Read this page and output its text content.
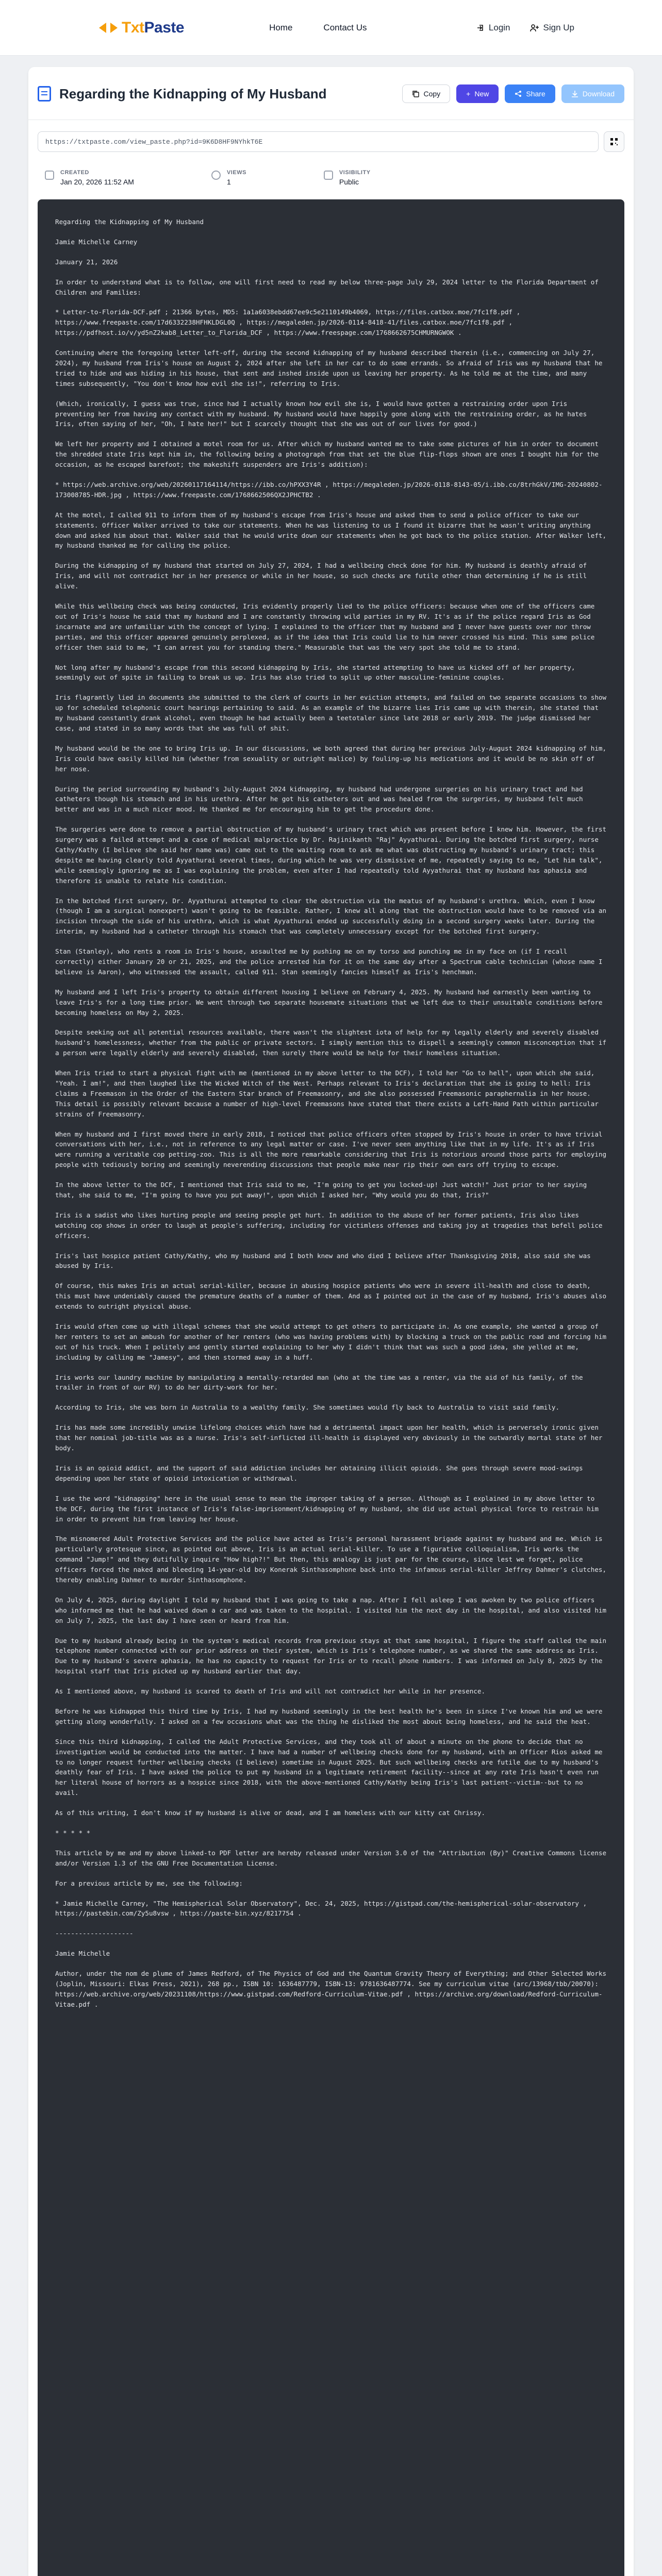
TxtPaste	Home	Contact Us	Login	Sign Up
Regarding the Kidnapping of My Husband	Copy	+ New	Share	Download
https://txtpaste.com/view_paste.php?id=9K6D8HF9NYhkT6E
CREATED
Jan 20, 2026 11:52 AM
VIEWS
1
VISIBILITY
Public

Regarding the Kidnapping of My Husband

Jamie Michelle Carney

January 21, 2026

In order to understand what is to follow, one will first need to read my below three-page July 29, 2024 letter to the Florida Department of Children and Families:

* Letter-to-Florida-DCF.pdf ; 21366 bytes, MD5: 1a1a6038ebdd67ee9c5e2110149b4069, https://files.catbox.moe/7fc1f8.pdf , https://www.freepaste.com/17d6332238HFHKLDGL0Q , https://megaleden.jp/2026-0114-8418-41/files.catbox.moe/7fc1f8.pdf , https://pdfhost.io/v/yd5nZ2kab8_Letter_to_Florida_DCF , https://www.freespage.com/1768662675CHMURNGWOK .

Continuing where the foregoing letter left-off, during the second kidnapping of my husband described therein (i.e., commencing on July 27, 2024), my husband from Iris's house on August 2, 2024 after she left in her car to do some errands. So afraid of Iris was my husband that he tried to hide and was hiding in his house, that sent and inshed inside upon us leaving her property. As he told me at the time, and many times subsequently, "You don't know how evil she is!", referring to Iris.

(Which, ironically, I guess was true, since had I actually known how evil she is, I would have gotten a restraining order upon Iris preventing her from having any contact with my husband. My husband would have happily gone along with the restraining order, as he hates Iris, often saying of her, "Oh, I hate her!" but I scarcely thought that she was out of our lives for good.)

We left her property and I obtained a motel room for us. After which my husband wanted me to take some pictures of him in order to document the shredded state Iris kept him in, the following being a photograph from that set the blue flip-flops shown are ones I bought him for the occasion, as he escaped barefoot; the makeshift suspenders are Iris's addition):

* https://web.archive.org/web/20260117164114/https://ibb.co/hPXX3Y4R , https://megaleden.jp/2026-0118-8143-05/i.ibb.co/8trhGkV/IMG-20240802-173008785-HDR.jpg , https://www.freepaste.com/1768662506QX2JPHCTB2 .

At the motel, I called 911 to inform them of my husband's escape from Iris's house and asked them to send a police officer to take our statements. Officer Walker arrived to take our statements. When he was listening to us I found it bizarre that he wasn't writing anything down and asked him about that. Walker said that he would write down our statements when he got back to the police station. After Walker left, my husband thanked me for calling the police.

During the kidnapping of my husband that started on July 27, 2024, I had a wellbeing check done for him. My husband is deathly afraid of Iris, and will not contradict her in her presence or while in her house, so such checks are futile other than determining if he is still alive.

While this wellbeing check was being conducted, Iris evidently properly lied to the police officers: because when one of the officers came out of Iris's house he said that my husband and I are constantly throwing wild parties in my RV. It's as if the police regard Iris as God incarnate and are unfamiliar with the concept of lying. I explained to the officer that my husband and I never have guests over nor throw parties, and this officer appeared genuinely perplexed, as if the idea that Iris could lie to him never crossed his mind. This same police officer then said to me, "I can arrest you for standing there." Measurable that was the very spot she told me to stand.

Not long after my husband's escape from this second kidnapping by Iris, she started attempting to have us kicked off of her property, seemingly out of spite in failing to break us up. Iris has also tried to split up other masculine-feminine couples.

Iris flagrantly lied in documents she submitted to the clerk of courts in her eviction attempts, and failed on two separate occasions to show up for scheduled telephonic court hearings pertaining to said. As an example of the bizarre lies Iris came up with therein, she stated that my husband constantly drank alcohol, even though he had actually been a teetotaler since late 2018 or early 2019. The judge dismissed her case, and stated in so many words that she was full of shit.

My husband would be the one to bring Iris up. In our discussions, we both agreed that during her previous July-August 2024 kidnapping of him, Iris could have easily killed him (whether from sexuality or outright malice) by fouling-up his medications and it would be no skin off of her nose.

During the period surrounding my husband's July-August 2024 kidnapping, my husband had undergone surgeries on his urinary tract and had catheters though his stomach and in his urethra. After he got his catheters out and was healed from the surgeries, my husband felt much better and was in a much nicer mood. He thanked me for encouraging him to get the procedure done.

The surgeries were done to remove a partial obstruction of my husband's urinary tract which was present before I knew him. However, the first surgery was a failed attempt and a case of medical malpractice by Dr. Rajinikanth "Raj" Ayyathurai. During the botched first surgery, nurse Cathy/Kathy (I believe she said her name was) came out to the waiting room to ask me what was obstructing my husband's urinary tract; this despite me having clearly told Ayyathurai several times, during which he was very dismissive of me, repeatedly saying to me, "Let him talk", while seemingly ignoring me as I was explaining the problem, even after I had repeatedly told Ayyathurai that my husband has aphasia and therefore is unable to relate his condition.

In the botched first surgery, Dr. Ayyathurai attempted to clear the obstruction via the meatus of my husband's urethra. Which, even I know (though I am a surgical nonexpert) wasn't going to be feasible. Rather, I knew all along that the obstruction would have to be removed via an incision through the side of his urethra, which is what Ayyathurai ended up successfully doing in a second surgery weeks later. During the interim, my husband had a catheter through his stomach that was completely unnecessary except for the botched first surgery.

Stan (Stanley), who rents a room in Iris's house, assaulted me by pushing me on my torso and punching me in my face on (if I recall correctly) either January 20 or 21, 2025, and the police arrested him for it on the same day after a Spectrum cable technician (whose name I believe is Aaron), who witnessed the assault, called 911. Stan seemingly fancies himself as Iris's henchman.

My husband and I left Iris's property to obtain different housing I believe on February 4, 2025. My husband had earnestly been wanting to leave Iris's for a long time prior. We went through two separate housemate situations that we left due to their unsuitable conditions before becoming homeless on May 2, 2025.

Despite seeking out all potential resources available, there wasn't the slightest iota of help for my legally elderly and severely disabled husband's homelessness, whether from the public or private sectors. I simply mention this to dispell a seemingly common misconception that if a person were legally elderly and severely disabled, then surely there would be help for their homeless situation.

When Iris tried to start a physical fight with me (mentioned in my above letter to the DCF), I told her "Go to hell", upon which she said, "Yeah. I am!", and then laughed like the Wicked Witch of the West. Perhaps relevant to Iris's declaration that she is going to hell: Iris claims a Freemason in the Order of the Eastern Star branch of Freemasonry, and she also possessed Freemasonic paraphernalia in her house. This detail is possibly relevant because a number of high-level Freemasons have stated that there exists a Left-Hand Path within particular strains of Freemasonry.

When my husband and I first moved there in early 2018, I noticed that police officers often stopped by Iris's house in order to have trivial conversations with her, i.e., not in reference to any legal matter or case. I've never seen anything like that in my life. It's as if Iris were running a veritable cop petting-zoo. This is all the more remarkable considering that Iris is notorious around those parts for employing people with tediously boring and seemingly neverending discussions that people make near rip their own ears off trying to escape.

In the above letter to the DCF, I mentioned that Iris said to me, "I'm going to get you locked-up! Just watch!" Just prior to her saying that, she said to me, "I'm going to have you put away!", upon which I asked her, "Why would you do that, Iris?"

Iris is a sadist who likes hurting people and seeing people get hurt. In addition to the abuse of her former patients, Iris also likes watching cop shows in order to laugh at people's suffering, including for victimless offenses and taking joy at tragedies that befell police officers.

Iris's last hospice patient Cathy/Kathy, who my husband and I both knew and who died I believe after Thanksgiving 2018, also said she was abused by Iris.

Of course, this makes Iris an actual serial-killer, because in abusing hospice patients who were in severe ill-health and close to death, this must have undeniably caused the premature deaths of a number of them. And as I pointed out in the case of my husband, Iris's abuses also extends to outright physical abuse.

Iris would often come up with illegal schemes that she would attempt to get others to participate in. As one example, she wanted a group of her renters to set an ambush for another of her renters (who was having problems with) by blocking a truck on the public road and forcing him out of his truck. When I politely and gently started explaining to her why I didn't think that was such a good idea, she yelled at me, including by calling me "Jamesy", and then stormed away in a huff.

Iris works our laundry machine by manipulating a mentally-retarded man (who at the time was a renter, via the aid of his family, of the trailer in front of our RV) to do her dirty-work for her.

According to Iris, she was born in Australia to a wealthy family. She sometimes would fly back to Australia to visit said family.

Iris has made some incredibly unwise lifelong choices which have had a detrimental impact upon her health, which is perversely ironic given that her nominal job-title was as a nurse. Iris's self-inflicted ill-health is displayed very obviously in the outwardly mortal state of her body.

Iris is an opioid addict, and the support of said addiction includes her obtaining illicit opioids. She goes through severe mood-swings depending upon her state of opioid intoxication or withdrawal.

I use the word "kidnapping" here in the usual sense to mean the improper taking of a person. Although as I explained in my above letter to the DCF, during the first instance of Iris's false-imprisonment/kidnapping of my husband, she did use actual physical force to restrain him in order to prevent him from leaving her house.

The misnomered Adult Protective Services and the police have acted as Iris's personal harassment brigade against my husband and me. Which is particularly grotesque since, as pointed out above, Iris is an actual serial-killer. To use a figurative colloquialism, Iris works the command "Jump!" and they dutifully inquire "How high?!" But then, this analogy is just par for the course, since lest we forget, police officers forced the naked and bleeding 14-year-old boy Konerak Sinthasomphone back into the infamous serial-killer Jeffrey Dahmer's clutches, thereby enabling Dahmer to murder Sinthasomphone.

On July 4, 2025, during daylight I told my husband that I was going to take a nap. After I fell asleep I was awoken by two police officers who informed me that he had waived down a car and was taken to the hospital. I visited him the next day in the hospital, and also visited him on July 7, 2025, the last day I have seen or heard from him.

Due to my husband already being in the system's medical records from previous stays at that same hospital, I figure the staff called the main telephone number connected with our prior address on their system, which is Iris's telephone number, as we shared the same address as Iris. Due to my husband's severe aphasia, he has no capacity to request for Iris or to recall phone numbers. I was informed on July 8, 2025 by the hospital staff that Iris picked up my husband earlier that day.

As I mentioned above, my husband is scared to death of Iris and will not contradict her while in her presence.

Before he was kidnapped this third time by Iris, I had my husband seemingly in the best health he's been in since I've known him and we were getting along wonderfully. I asked on a few occasions what was the thing he disliked the most about being homeless, and he said the heat.

Since this third kidnapping, I called the Adult Protective Services, and they took all of about a minute on the phone to decide that no investigation would be conducted into the matter. I have had a number of wellbeing checks done for my husband, with an Officer Rios asked me to no longer request further wellbeing checks (I believe) sometime in August 2025. But such wellbeing checks are futile due to my husband's deathly fear of Iris. I have asked the police to put my husband in a legitimate retirement facility--since at any rate Iris hasn't even run her literal house of horrors as a hospice since 2018, with the above-mentioned Cathy/Kathy being Iris's last patient--victim--but to no avail.

As of this writing, I don't know if my husband is alive or dead, and I am homeless with our kitty cat Chrissy.

* * * * *

This article by me and my above linked-to PDF letter are hereby released under Version 3.0 of the "Attribution (By)" Creative Commons license and/or Version 1.3 of the GNU Free Documentation License.

For a previous article by me, see the following:

* Jamie Michelle Carney, "The Hemispherical Solar Observatory", Dec. 24, 2025, https://gistpad.com/the-hemispherical-solar-observatory , https://pastebin.com/Zy5u8vsw , https://paste-bin.xyz/8217754 .

--------------------

Jamie Michelle

Author, under the nom de plume of James Redford, of The Physics of God and the Quantum Gravity Theory of Everything; and Other Selected Works (Joplin, Missouri: Elkas Press, 2021), 268 pp., ISBN 10: 1636487779, ISBN-13: 9781636487774. See my curriculum vitae (arc/13968/tbb/20070): https://web.archive.org/web/20231108/https://www.gistpad.com/Redford-Curriculum-Vitae.pdf , https://archive.org/download/Redford-Curriculum-Vitae.pdf .
